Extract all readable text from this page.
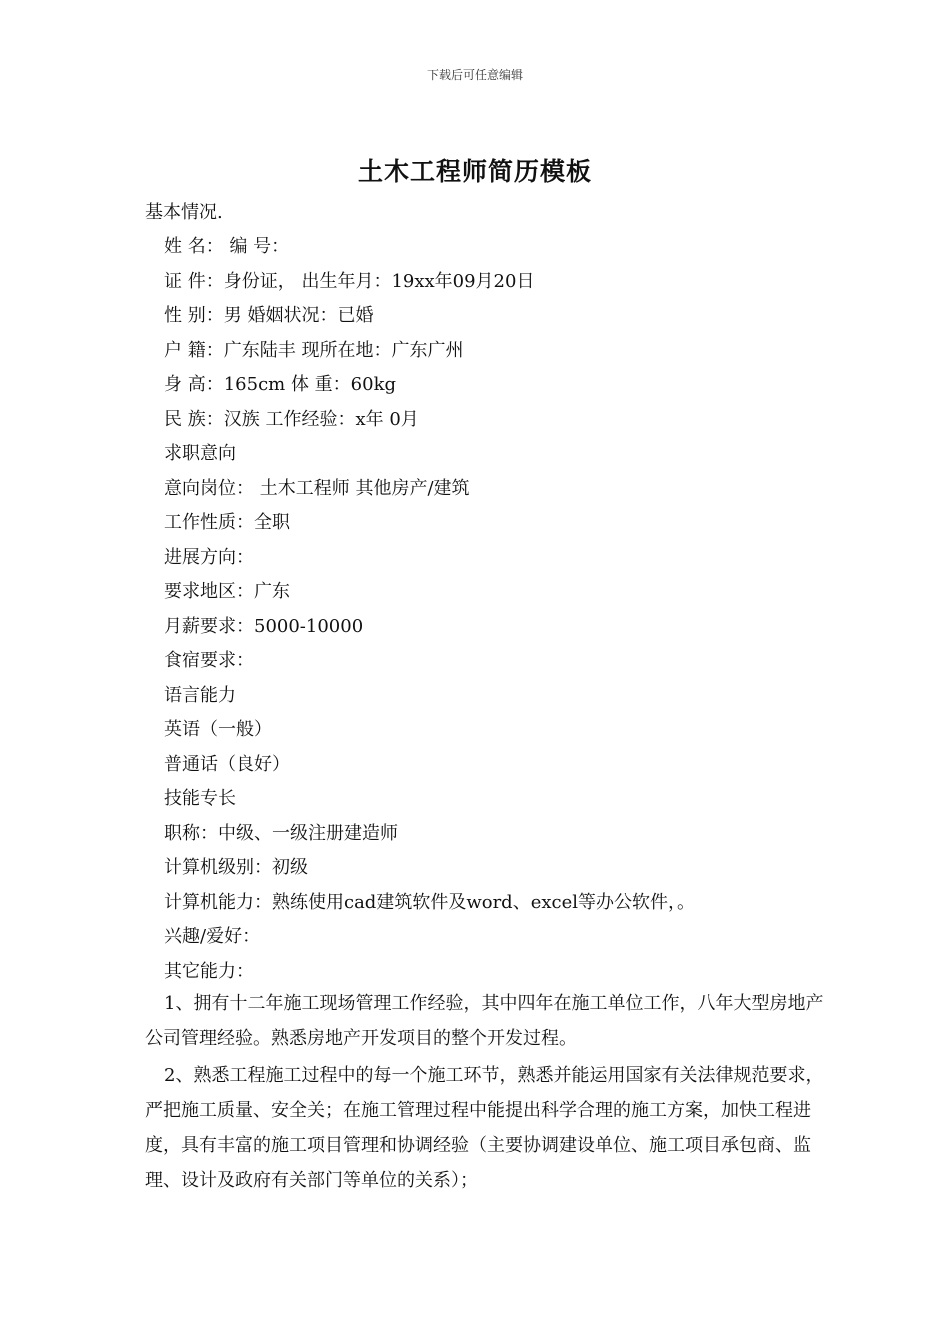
下载后可任意编辑
土木工程师简历模板
基本情况.
姓 名： 编 号：
证 件：身份证， 出生年月：19xx年09月20日
性 别：男 婚姻状况：已婚
户 籍：广东陆丰 现所在地：广东广州
身 高：165cm 体 重：60kg
民 族：汉族 工作经验：x年 0月
求职意向
意向岗位： 土木工程师 其他房产/建筑
工作性质：全职
进展方向：
要求地区：广东
月薪要求：5000-10000
食宿要求：
语言能力
英语（一般）
普通话（良好）
技能专长
职称：中级、一级注册建造师
计算机级别：初级
计算机能力：熟练使用cad建筑软件及word、excel等办公软件，。
兴趣/爱好：
其它能力：
1、拥有十二年施工现场管理工作经验，其中四年在施工单位工作，八年大型房地产公司管理经验。熟悉房地产开发项目的整个开发过程。
2、熟悉工程施工过程中的每一个施工环节，熟悉并能运用国家有关法律规范要求，严把施工质量、安全关；在施工管理过程中能提出科学合理的施工方案，加快工程进度，具有丰富的施工项目管理和协调经验（主要协调建设单位、施工项目承包商、监理、设计及政府有关部门等单位的关系）；
